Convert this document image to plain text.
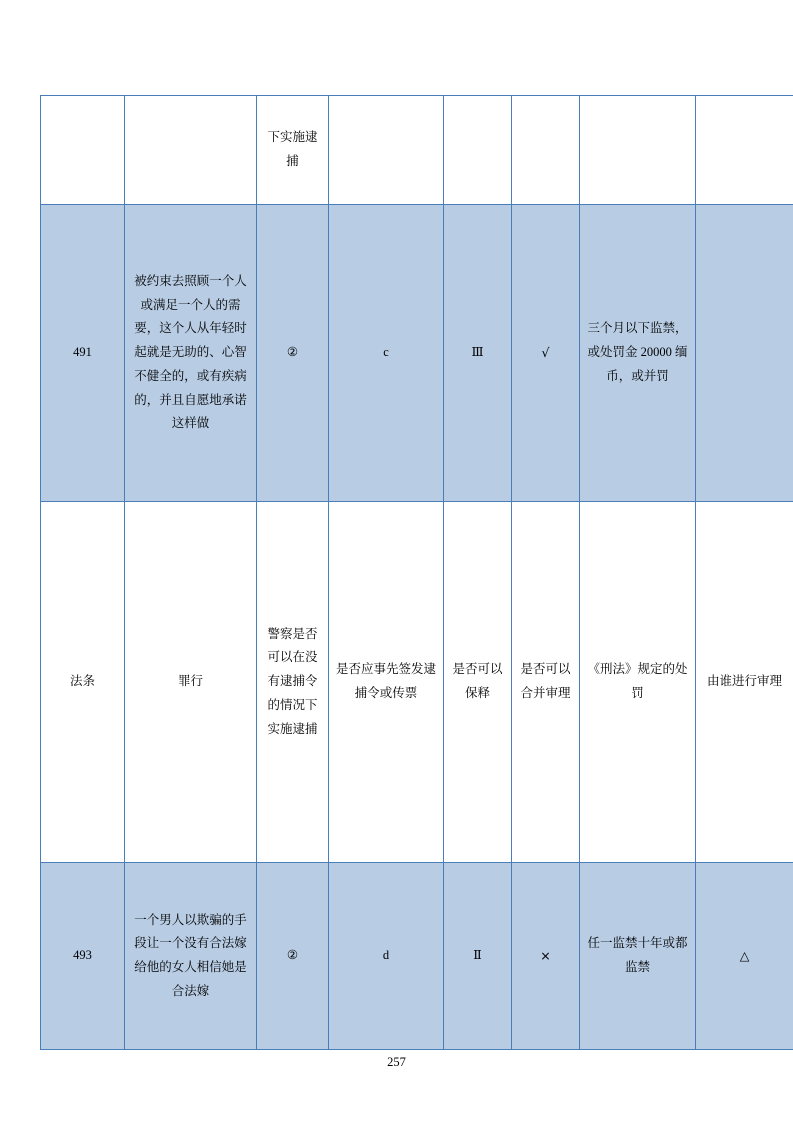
		下实施逮捕					
491	被约束去照顾一个人或满足一个人的需要，这个人从年轻时起就是无助的、心智不健全的，或有疾病的，并且自愿地承诺这样做	②	c	Ⅲ	√	三个月以下监禁，或处罚金 20000 缅币，或并罚	
法条	罪行	警察是否可以在没有逮捕令的情况下实施逮捕	是否应事先签发逮捕令或传票	是否可以保释	是否可以合并审理	《刑法》规定的处罚	由谁进行审理
493	一个男人以欺骗的手段让一个没有合法嫁给他的女人相信她是合法嫁	②	d	Ⅱ	×	任一监禁十年或都监禁	△
257
